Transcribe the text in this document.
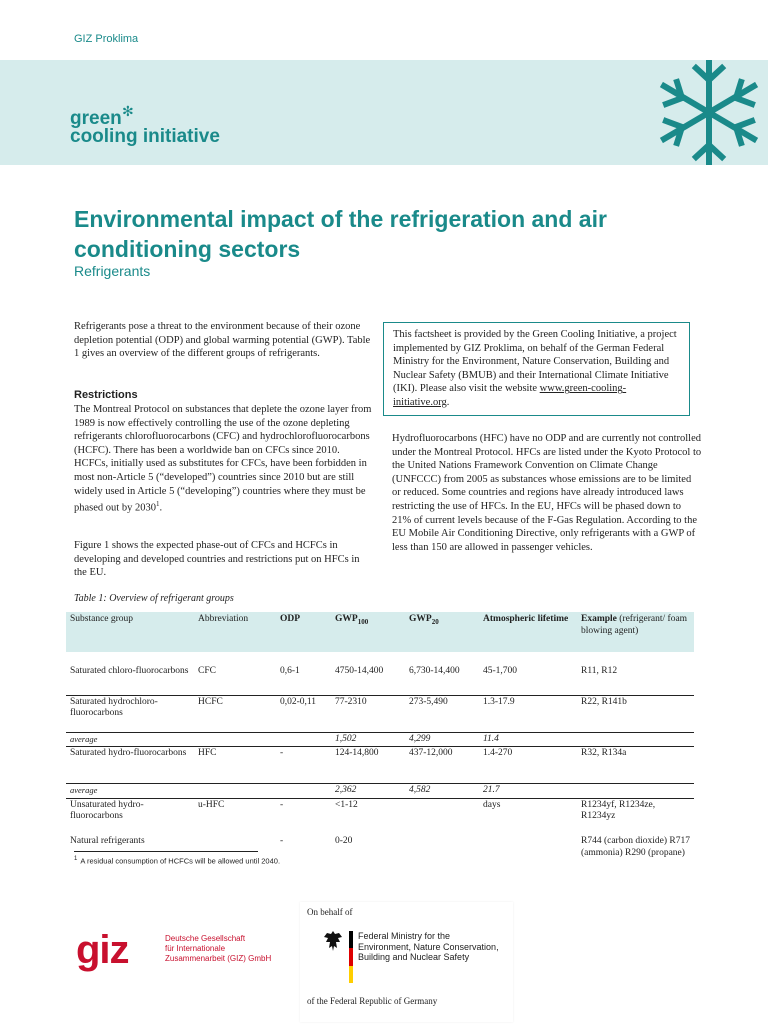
GIZ Proklima
green ✻
cooling initiative
Environmental impact of the refrigeration and air conditioning sectors
Refrigerants
Refrigerants pose a threat to the environment because of their ozone depletion potential (ODP) and global warming potential (GWP). Table 1 gives an overview of the different groups of refrigerants.
Restrictions
The Montreal Protocol on substances that deplete the ozone layer from 1989 is now effectively controlling the use of the ozone depleting refrigerants chlorofluorocarbons (CFC) and hydrochlorofluorocarbons (HCFC). There has been a worldwide ban on CFCs since 2010. HCFCs, initially used as substitutes for CFCs, have been forbidden in most non-Article 5 (“developed”) countries since 2010 but are still widely used in Article 5 (“developing”) countries where they must be phased out by 2030$^1$.
Figure 1 shows the expected phase-out of CFCs and HCFCs in developing and developed countries and restrictions put on HFCs in the EU.
This factsheet is provided by the Green Cooling Initiative, a project implemented by GIZ Proklima, on behalf of the German Federal Ministry for the Environment, Nature Conservation, Building and Nuclear Safety (BMUB) and their International Climate Initiative (IKI). Please also visit the website www.green-cooling-initiative.org.
Hydrofluorocarbons (HFC) have no ODP and are currently not controlled under the Montreal Protocol. HFCs are listed under the Kyoto Protocol to the United Nations Framework Convention on Climate Change (UNFCCC) from 2005 as substances whose emissions are to be limited or reduced. Some countries and regions have already introduced laws restricting the use of HFCs. In the EU, HFCs will be phased down to 21% of current levels because of the F-Gas Regulation. According to the EU Mobile Air Conditioning Directive, only refrigerants with a GWP of less than 150 are allowed in passenger vehicles.
Table 1: Overview of refrigerant groups
Substance group	Abbreviation	ODP	$GWP_{100}$	$GWP_{20}$	Atmospheric lifetime	Example (refrigerant/ foam blowing agent)
Saturated chloro-fluorocarbons	CFC	0,6-1	4750-14,400	6,730-14,400	45-1,700	R11, R12
Saturated hydrochloro-fluorocarbons	HCFC	0,02-0,11	77-2310	273-5,490	1.3-17.9	R22, R141b
average			1,502	4,299	11.4	
Saturated hydro-fluorocarbons	HFC	-	124-14,800	437-12,000	1.4-270	R32, R134a
average			2,362	4,582	21.7	
Unsaturated hydro-fluorocarbons	u-HFC	-	<1-12		days	R1234yf, R1234ze, R1234yz
Natural refrigerants		-	0-20			R744 (carbon dioxide) R717 (ammonia) R290 (propane)
$^1$ A residual consumption of HCFCs will be allowed until 2040.
giz	Deutsche Gesellschaft
für Internationale
Zusammenarbeit (GIZ) GmbH
On behalf of
Federal Ministry for the
Environment, Nature Conservation,
Building and Nuclear Safety
of the Federal Republic of Germany
